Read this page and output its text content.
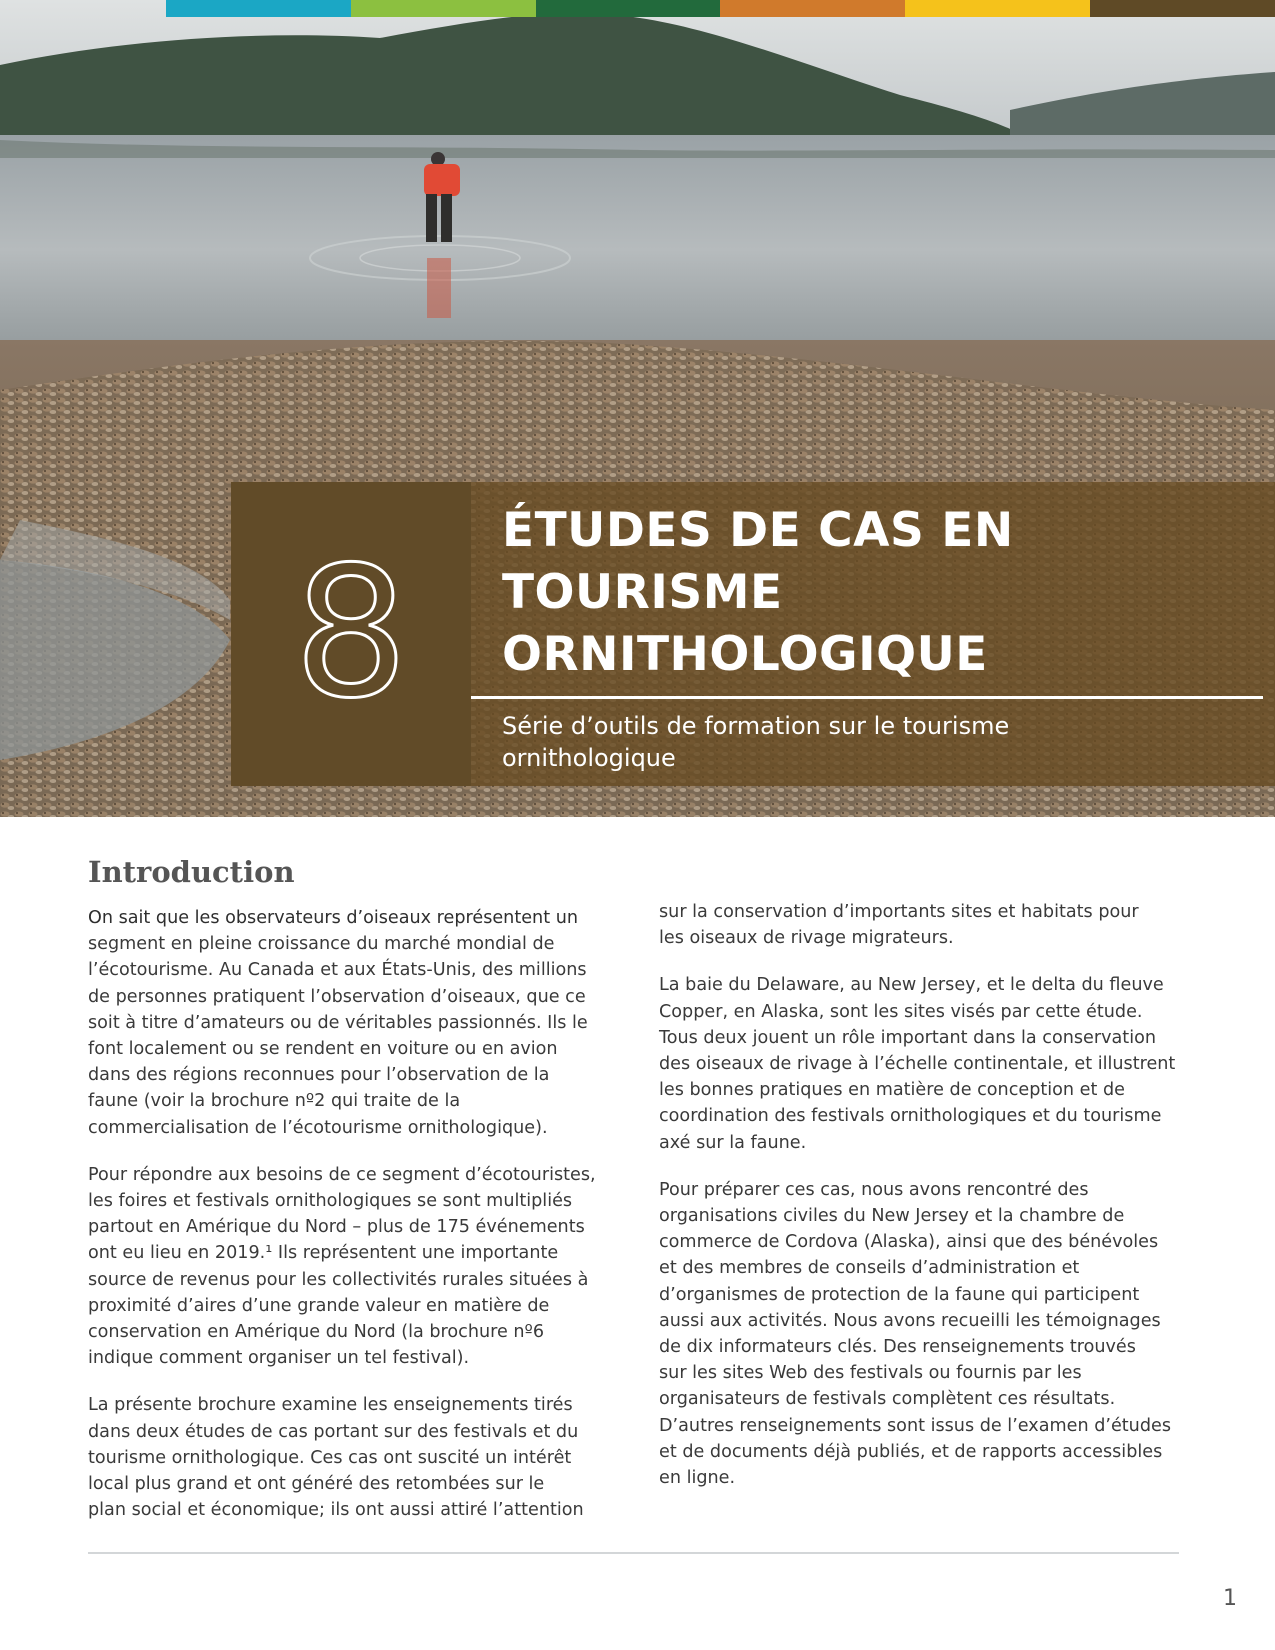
8 ÉTUDES DE CAS EN
TOURISME
ORNITHOLOGIQUE
Série d’outils de formation sur le tourisme
ornithologique
Introduction

On sait que les observateurs d’oiseaux représentent un
segment en pleine croissance du marché mondial de
l’écotourisme. Au Canada et aux États-Unis, des millions
de personnes pratiquent l’observation d’oiseaux, que ce
soit à titre d’amateurs ou de véritables passionnés. Ils le
font localement ou se rendent en voiture ou en avion
dans des régions reconnues pour l’observation de la
faune (voir la brochure nº2 qui traite de la
commercialisation de l’écotourisme ornithologique).

Pour répondre aux besoins de ce segment d’écotouristes,
les foires et festivals ornithologiques se sont multipliés
partout en Amérique du Nord – plus de 175 événements
ont eu lieu en 2019.¹ Ils représentent une importante
source de revenus pour les collectivités rurales situées à
proximité d’aires d’une grande valeur en matière de
conservation en Amérique du Nord (la brochure nº6
indique comment organiser un tel festival).

La présente brochure examine les enseignements tirés
dans deux études de cas portant sur des festivals et du
tourisme ornithologique. Ces cas ont suscité un intérêt
local plus grand et ont généré des retombées sur le
plan social et économique; ils ont aussi attiré l’attention

sur la conservation d’importants sites et habitats pour
les oiseaux de rivage migrateurs.

La baie du Delaware, au New Jersey, et le delta du fleuve
Copper, en Alaska, sont les sites visés par cette étude.
Tous deux jouent un rôle important dans la conservation
des oiseaux de rivage à l’échelle continentale, et illustrent
les bonnes pratiques en matière de conception et de
coordination des festivals ornithologiques et du tourisme
axé sur la faune.

Pour préparer ces cas, nous avons rencontré des
organisations civiles du New Jersey et la chambre de
commerce de Cordova (Alaska), ainsi que des bénévoles
et des membres de conseils d’administration et
d’organismes de protection de la faune qui participent
aussi aux activités. Nous avons recueilli les témoignages
de dix informateurs clés. Des renseignements trouvés
sur les sites Web des festivals ou fournis par les
organisateurs de festivals complètent ces résultats.
D’autres renseignements sont issus de l’examen d’études
et de documents déjà publiés, et de rapports accessibles
en ligne.

1
